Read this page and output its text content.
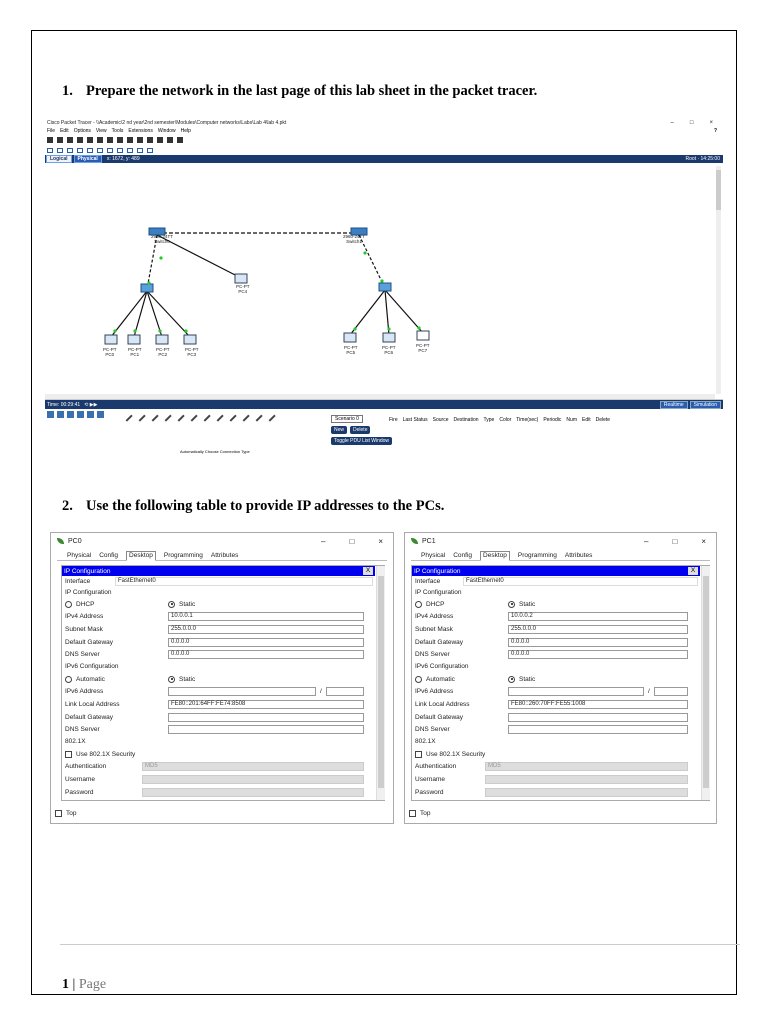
1. Prepare the network in the last page of this lab sheet in the packet tracer.
Cisco Packet Tracer - \\Academic\2 nd year\2nd semester\Modules\Computer networks\Labs\Lab 4\lab 4.pkt	–	□	×
File Edit Options View Tools Extensions Window Help	?
Logical	Physical	x: 1672, y: 489	Root · 14:25:00
2960-24TT
Switch0
2960-24TT
Switch1
PC-PT
PC4
PC-PT
PC0
PC-PT
PC1
PC-PT
PC2
PC-PT
PC3
PC-PT
PC5
PC-PT
PC6
PC-PT
PC7
Time: 00:29:41 ⟲ ▶▶	Realtime	Simulation
Automatically Choose Connection Type
Scenario 0
New Delete
Toggle PDU List Window
Fire Last Status Source Destination Type Color Time(sec) Periodic Num Edit Delete
2. Use the following table to provide IP addresses to the PCs.
PC0	–	□	×
Physical Config	Desktop	Programming Attributes
IP Configuration	X
Interface	FastEthernet0
IP Configuration
DHCP	Static
IPv4 Address	10.0.0.1
Subnet Mask	255.0.0.0
Default Gateway	0.0.0.0
DNS Server	0.0.0.0
IPv6 Configuration
Automatic	Static
IPv6 Address	/
Link Local Address	FE80::201:64FF:FE74:8508
Default Gateway
DNS Server
802.1X
Use 802.1X Security
Authentication	MD5
Username
Password
Top
PC1	–	□	×
Physical Config	Desktop	Programming Attributes
IP Configuration	X
Interface	FastEthernet0
IP Configuration
DHCP	Static
IPv4 Address	10.0.0.2
Subnet Mask	255.0.0.0
Default Gateway	0.0.0.0
DNS Server	0.0.0.0
IPv6 Configuration
Automatic	Static
IPv6 Address	/
Link Local Address	FE80::260:70FF:FE55:1008
Default Gateway
DNS Server
802.1X
Use 802.1X Security
Authentication	MD5
Username
Password
Top
1 | Page
